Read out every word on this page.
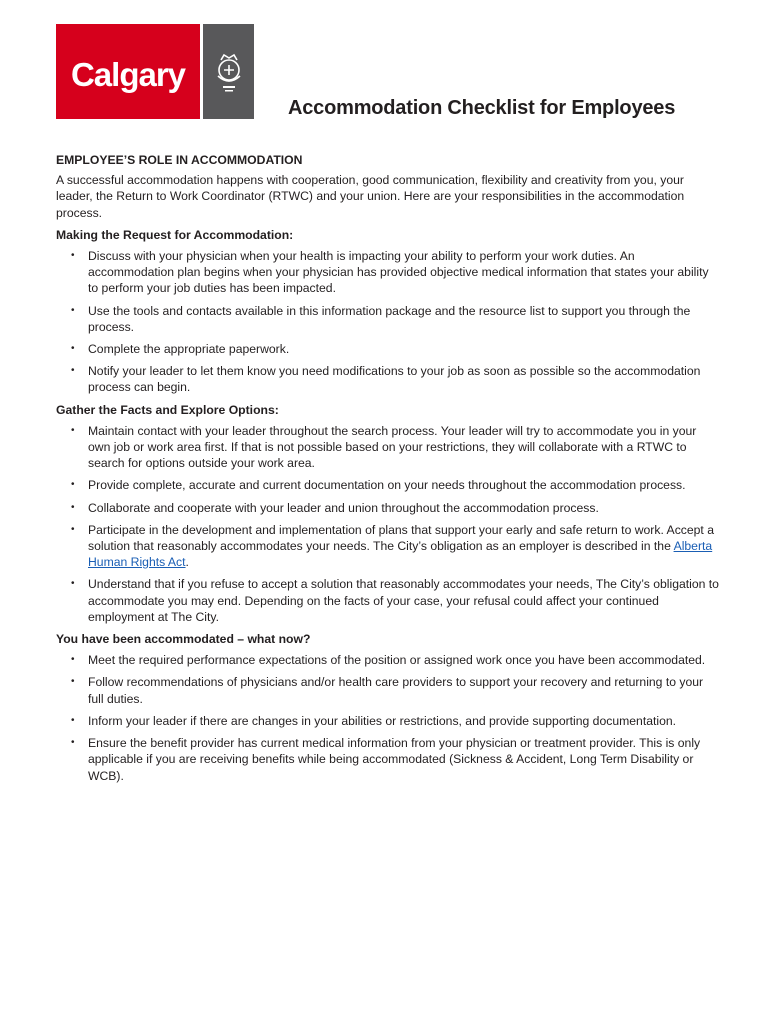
Calgary
Accommodation Checklist for Employees
EMPLOYEE’S ROLE IN ACCOMMODATION

A successful accommodation happens with cooperation, good communication, flexibility and creativity from you, your leader, the Return to Work Coordinator (RTWC) and your union. Here are your responsibilities in the accommodation process.

Making the Request for Accommodation:
• Discuss with your physician when your health is impacting your ability to perform your work duties. An accommodation plan begins when your physician has provided objective medical information that states your ability to perform your job duties has been impacted.
• Use the tools and contacts available in this information package and the resource list to support you through the process.
• Complete the appropriate paperwork.
• Notify your leader to let them know you need modifications to your job as soon as possible so the accommodation process can begin.
Gather the Facts and Explore Options:
• Maintain contact with your leader throughout the search process. Your leader will try to accommodate you in your own job or work area first. If that is not possible based on your restrictions, they will collaborate with a RTWC to search for options outside your work area.
• Provide complete, accurate and current documentation on your needs throughout the accommodation process.
• Collaborate and cooperate with your leader and union throughout the accommodation process.
• Participate in the development and implementation of plans that support your early and safe return to work. Accept a solution that reasonably accommodates your needs. The City’s obligation as an employer is described in the Alberta Human Rights Act.
• Understand that if you refuse to accept a solution that reasonably accommodates your needs, The City’s obligation to accommodate you may end. Depending on the facts of your case, your refusal could affect your continued employment at The City.
You have been accommodated – what now?
• Meet the required performance expectations of the position or assigned work once you have been accommodated.
• Follow recommendations of physicians and/or health care providers to support your recovery and returning to your full duties.
• Inform your leader if there are changes in your abilities or restrictions, and provide supporting documentation.
• Ensure the benefit provider has current medical information from your physician or treatment provider. This is only applicable if you are receiving benefits while being accommodated (Sickness & Accident, Long Term Disability or WCB).
